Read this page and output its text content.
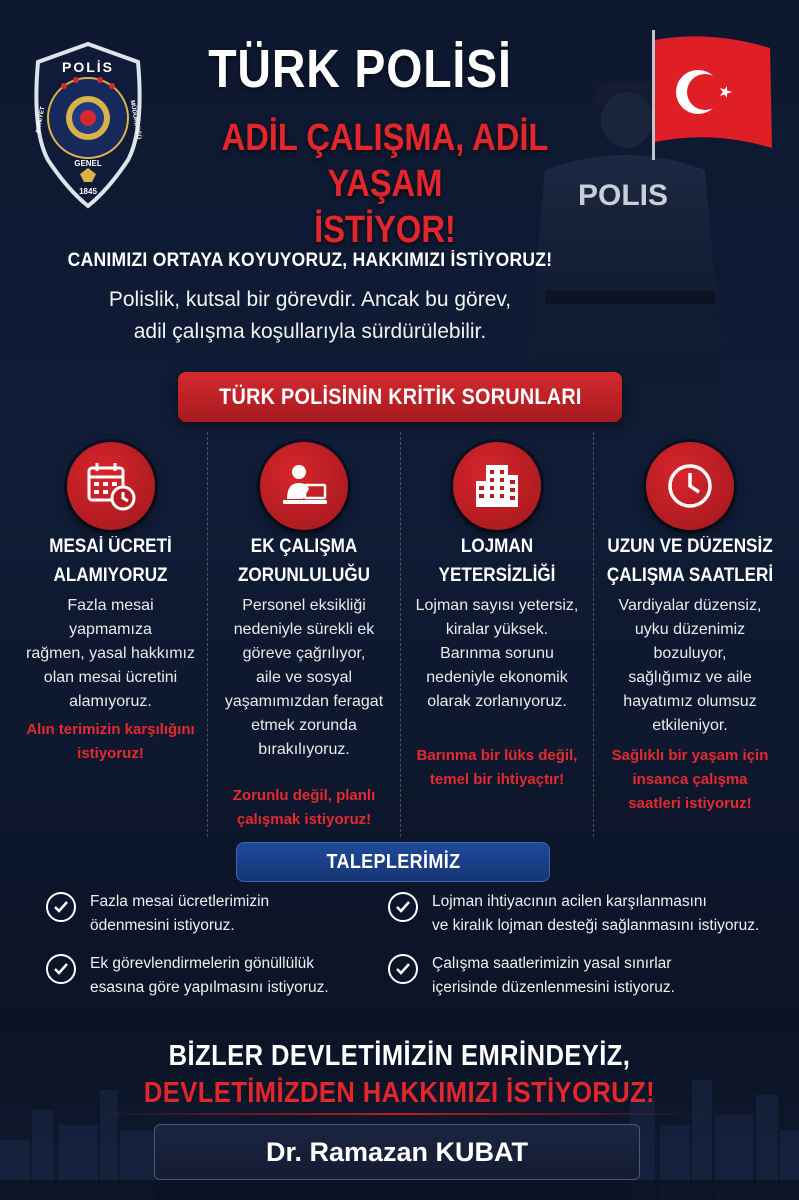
POLIS
POLİS
GENEL
EMNİYET	MÜDÜRLÜĞÜ
1845
TÜRK POLİSİ
ADİL ÇALIŞMA, ADİL YAŞAM
İSTİYOR!
CANIMIZI ORTAYA KOYUYORUZ, HAKKIMIZI İSTİYORUZ!
Polislik, kutsal bir görevdir. Ancak bu görev,
adil çalışma koşullarıyla sürdürülebilir.
TÜRK POLİSİNİN KRİTİK SORUNLARI
MESAİ ÜCRETİ
ALAMIYORUZ
Fazla mesai yapmamıza
rağmen, yasal hakkımız
olan mesai ücretini
alamıyoruz.
Alın terimizin karşılığını
istiyoruz!
EK ÇALIŞMA
ZORUNLULUĞU
Personel eksikliği
nedeniyle sürekli ek
göreve çağrılıyor,
aile ve sosyal
yaşamımızdan feragat
etmek zorunda
bırakılıyoruz.
Zorunlu değil, planlı
çalışmak istiyoruz!
LOJMAN
YETERSİZLİĞİ
Lojman sayısı yetersiz,
kiralar yüksek.
Barınma sorunu
nedeniyle ekonomik
olarak zorlanıyoruz.
Barınma bir lüks değil,
temel bir ihtiyaçtır!
UZUN VE DÜZENSİZ
ÇALIŞMA SAATLERİ
Vardiyalar düzensiz,
uyku düzenimiz bozuluyor,
sağlığımız ve aile
hayatımız olumsuz
etkileniyor.
Sağlıklı bir yaşam için
insanca çalışma
saatleri istiyoruz!
TALEPLERİMİZ
Fazla mesai ücretlerimizin
ödenmesini istiyoruz.
Lojman ihtiyacının acilen karşılanmasını
ve kiralık lojman desteği sağlanmasını istiyoruz.
Ek görevlendirmelerin gönüllülük
esasına göre yapılmasını istiyoruz.
Çalışma saatlerimizin yasal sınırlar
içerisinde düzenlenmesini istiyoruz.
BİZLER DEVLETİMİZİN EMRİNDEYİZ,
DEVLETİMİZDEN HAKKIMIZI İSTİYORUZ!
Dr. Ramazan KUBAT
